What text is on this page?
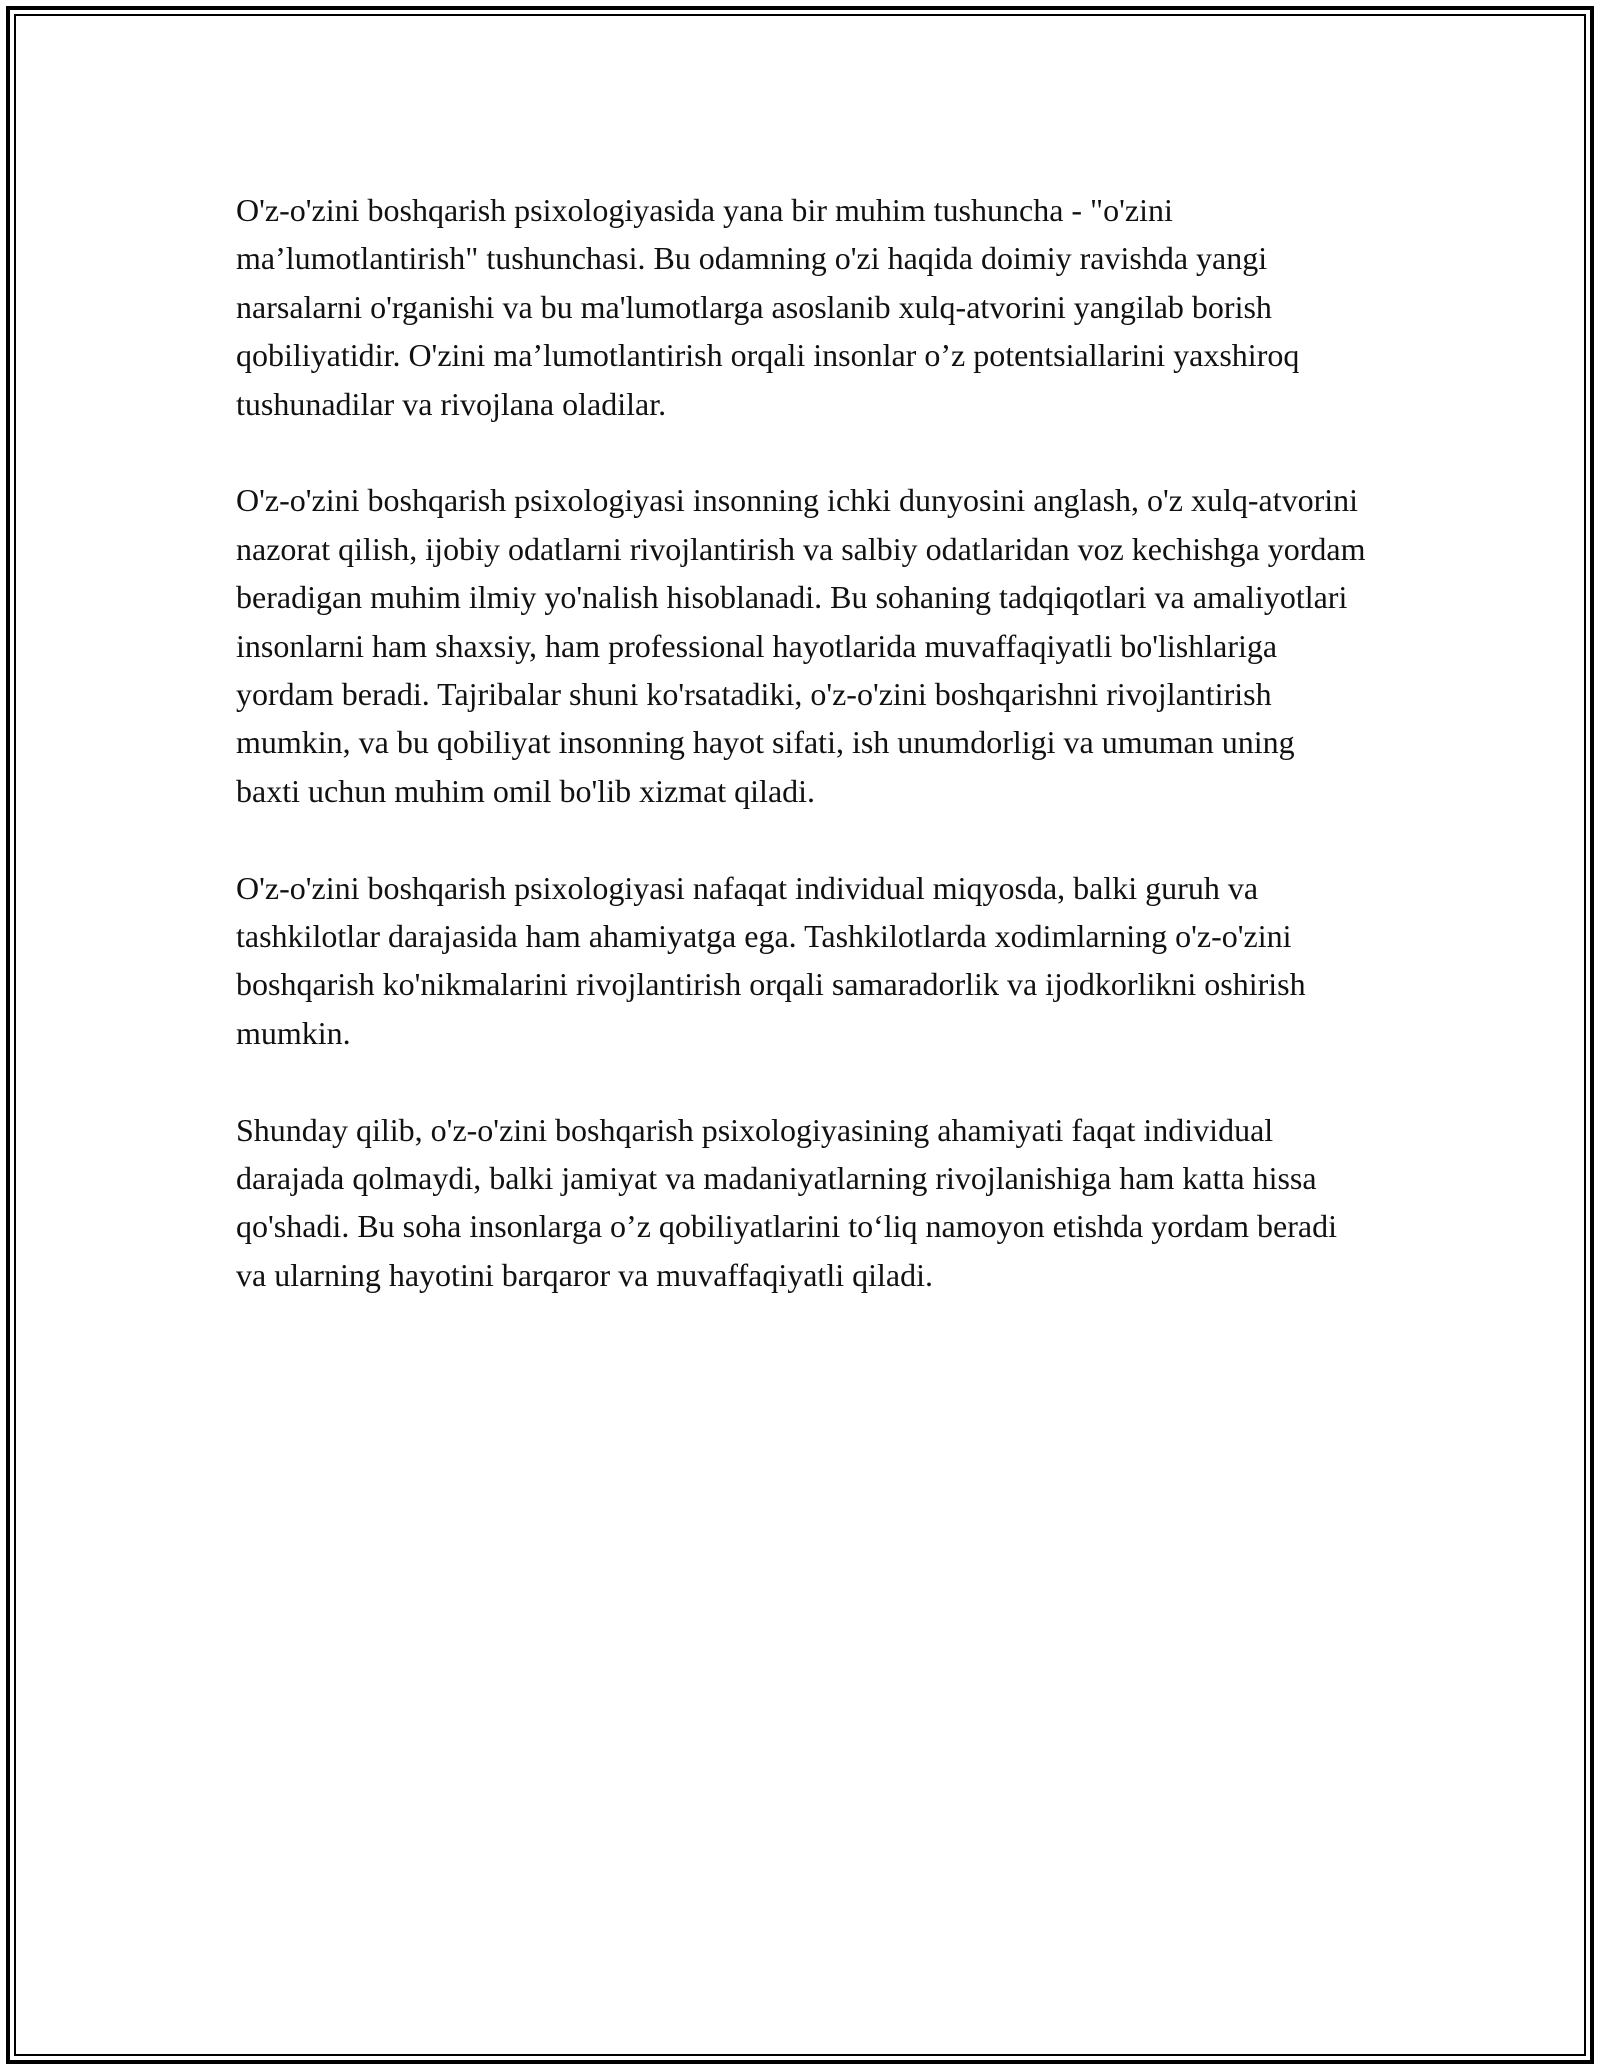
O'z-o'zini boshqarish psixologiyasida yana bir muhim tushuncha - "o'zini ma’lumotlantirish" tushunchasi. Bu odamning o'zi haqida doimiy ravishda yangi narsalarni o'rganishi va bu ma'lumotlarga asoslanib xulq-atvorini yangilab borish qobiliyatidir. O'zini ma’lumotlantirish orqali insonlar o’z potentsiallarini yaxshiroq tushunadilar va rivojlana oladilar.

O'z-o'zini boshqarish psixologiyasi insonning ichki dunyosini anglash, o'z xulq-atvorini nazorat qilish, ijobiy odatlarni rivojlantirish va salbiy odatlaridan voz kechishga yordam beradigan muhim ilmiy yo'nalish hisoblanadi. Bu sohaning tadqiqotlari va amaliyotlari insonlarni ham shaxsiy, ham professional hayotlarida muvaffaqiyatli bo'lishlariga yordam beradi. Tajribalar shuni ko'rsatadiki, o'z-o'zini boshqarishni rivojlantirish mumkin, va bu qobiliyat insonning hayot sifati, ish unumdorligi va umuman uning baxti uchun muhim omil bo'lib xizmat qiladi.

O'z-o'zini boshqarish psixologiyasi nafaqat individual miqyosda, balki guruh va tashkilotlar darajasida ham ahamiyatga ega. Tashkilotlarda xodimlarning o'z-o'zini boshqarish ko'nikmalarini rivojlantirish orqali samaradorlik va ijodkorlikni oshirish mumkin.

Shunday qilib, o'z-o'zini boshqarish psixologiyasining ahamiyati faqat individual darajada qolmaydi, balki jamiyat va madaniyatlarning rivojlanishiga ham katta hissa qo'shadi. Bu soha insonlarga o’z qobiliyatlarini to‘liq namoyon etishda yordam beradi va ularning hayotini barqaror va muvaffaqiyatli qiladi.
